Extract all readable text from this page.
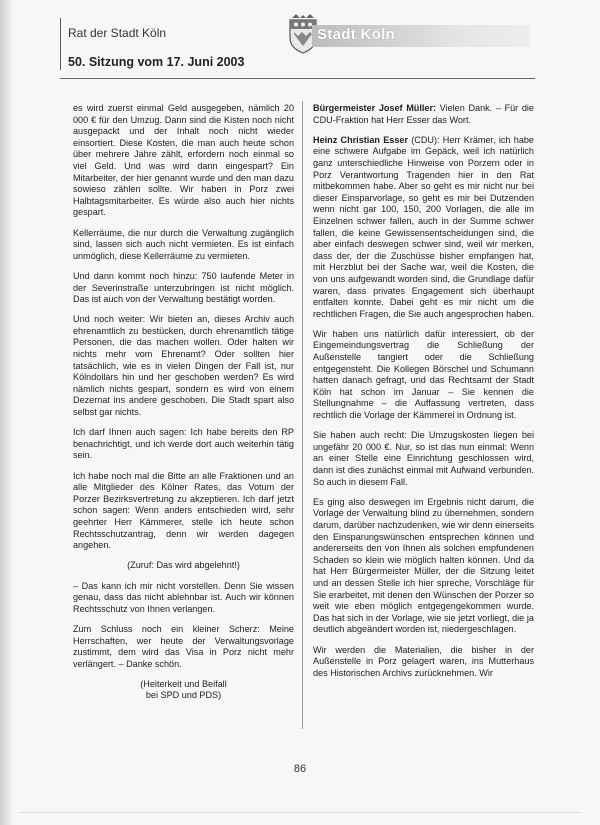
Rat der Stadt Köln
50. Sitzung vom 17. Juni 2003
Stadt Köln

es wird zuerst einmal Geld ausgegeben, nämlich 20 000 € für den Umzug. Dann sind die Kisten noch nicht ausgepackt und der Inhalt noch nicht wieder einsortiert. Diese Kosten, die man auch heute schon über mehrere Jahre zählt, erfordern noch einmal so viel Geld. Und was wird dann eingespart? Ein Mitarbeiter, der hier genannt wurde und den man dazu sowieso zählen sollte. Wir haben in Porz zwei Halbtagsmitarbeiter. Es würde also auch hier nichts gespart.

Kellerräume, die nur durch die Verwaltung zugänglich sind, lassen sich auch nicht vermieten. Es ist einfach unmöglich, diese Kellerräume zu vermieten.

Und dann kommt noch hinzu: 750 laufende Meter in der Severinstraße unterzubringen ist nicht möglich. Das ist auch von der Verwaltung bestätigt worden.

Und noch weiter: Wir bieten an, dieses Archiv auch ehrenamtlich zu bestücken, durch ehrenamtlich tätige Personen, die das machen wollen. Oder halten wir nichts mehr vom Ehrenamt? Oder sollten hier tatsächlich, wie es in vielen Dingen der Fall ist, nur Kölndollars hin und her geschoben werden? Es wird nämlich nichts gespart, sondern es wird von einem Dezernat ins andere geschoben. Die Stadt spart also selbst gar nichts.

Ich darf Ihnen auch sagen: Ich habe bereits den RP benachrichtigt, und ich werde dort auch weiterhin tätig sein.

Ich habe noch mal die Bitte an alle Fraktionen und an alle Mitglieder des Kölner Rates, das Votum der Porzer Bezirksvertretung zu akzeptieren. Ich darf jetzt schon sagen: Wenn anders entschieden wird, sehr geehrter Herr Kämmerer, stelle ich heute schon Rechtsschutzantrag, denn wir werden dagegen angehen.

(Zuruf: Das wird abgelehnt!)

– Das kann ich mir nicht vorstellen. Denn Sie wissen genau, dass das nicht ablehnbar ist. Auch wir können Rechtsschutz von Ihnen verlangen.

Zum Schluss noch ein kleiner Scherz: Meine Herrschaften, wer heute der Verwaltungsvorlage zustimmt, dem wird das Visa in Porz nicht mehr verlängert. – Danke schön.

(Heiterkeit und Beifall
bei SPD und PDS)

Bürgermeister Josef Müller: Vielen Dank. – Für die CDU-Fraktion hat Herr Esser das Wort.

Heinz Christian Esser (CDU): Herr Krämer, ich habe eine schwere Aufgabe im Gepäck, weil ich natürlich ganz unterschiedliche Hinweise von Porzern oder in Porz Verantwortung Tragenden hier in den Rat mitbekommen habe. Aber so geht es mir nicht nur bei dieser Einsparvorlage, so geht es mir bei Dutzenden wenn nicht gar 100, 150, 200 Vorlagen, die alle im Einzelnen schwer fallen, auch in der Summe schwer fallen, die keine Gewissensentscheidungen sind, die aber einfach deswegen schwer sind, weil wir merken, dass der, der die Zuschüsse bisher empfangen hat, mit Herzblut bei der Sache war, weil die Kosten, die von uns aufgewandt worden sind, die Grundlage dafür waren, dass privates Engagement sich überhaupt entfalten konnte. Dabei geht es mir nicht um die rechtlichen Fragen, die Sie auch angesprochen haben.

Wir haben uns natürlich dafür interessiert, ob der Eingemeindungsvertrag die Schließung der Außenstelle tangiert oder die Schließung entgegensteht. Die Kollegen Börschel und Schumann hatten danach gefragt, und das Rechtsamt der Stadt Köln hat schon im Januar – Sie kennen die Stellungnahme – die Auffassung vertreten, dass rechtlich die Vorlage der Kämmerei in Ordnung ist.

Sie haben auch recht: Die Umzugskosten liegen bei ungefähr 20 000 €. Nur, so ist das nun einmal: Wenn an einer Stelle eine Einrichtung geschlossen wird, dann ist dies zunächst einmal mit Aufwand verbunden. So auch in diesem Fall.

Es ging also deswegen im Ergebnis nicht darum, die Vorlage der Verwaltung blind zu übernehmen, sondern darum, darüber nachzudenken, wie wir denn einerseits den Einsparungswünschen entsprechen können und andererseits den von Ihnen als solchen empfundenen Schaden so klein wie möglich halten können. Und da hat Herr Bürgermeister Müller, der die Sitzung leitet und an dessen Stelle ich hier spreche, Vorschläge für Sie erarbeitet, mit denen den Wünschen der Porzer so weit wie eben möglich entgegengekommen wurde. Das hat sich in der Vorlage, wie sie jetzt vorliegt, die ja deutlich abgeändert worden ist, niedergeschlagen.

Wir werden die Materialien, die bisher in der Außenstelle in Porz gelagert waren, ins Mutterhaus des Historischen Archivs zurücknehmen. Wir

86
